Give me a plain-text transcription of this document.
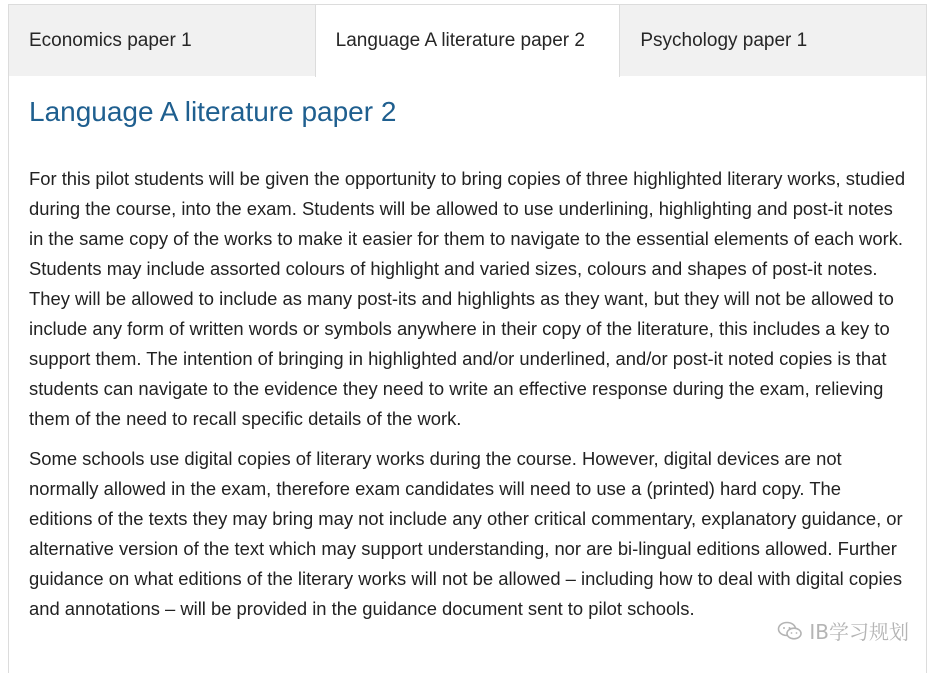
Economics paper 1	Language A literature paper 2	Psychology paper 1
Language A literature paper 2

For this pilot students will be given the opportunity to bring copies of three highlighted literary works, studied during the course, into the exam. Students will be allowed to use underlining, highlighting and post-it notes in the same copy of the works to make it easier for them to navigate to the essential elements of each work. Students may include assorted colours of highlight and varied sizes, colours and shapes of post-it notes. They will be allowed to include as many post-its and highlights as they want, but they will not be allowed to include any form of written words or symbols anywhere in their copy of the literature, this includes a key to support them. The intention of bringing in highlighted and/or underlined, and/or post-it noted copies is that students can navigate to the evidence they need to write an effective response during the exam, relieving them of the need to recall specific details of the work.

Some schools use digital copies of literary works during the course. However, digital devices are not normally allowed in the exam, therefore exam candidates will need to use a (printed) hard copy. The editions of the texts they may bring may not include any other critical commentary, explanatory guidance, or alternative version of the text which may support understanding, nor are bi-lingual editions allowed. Further guidance on what editions of the literary works will not be allowed – including how to deal with digital copies and annotations – will be provided in the guidance document sent to pilot schools.

IB学习规划
